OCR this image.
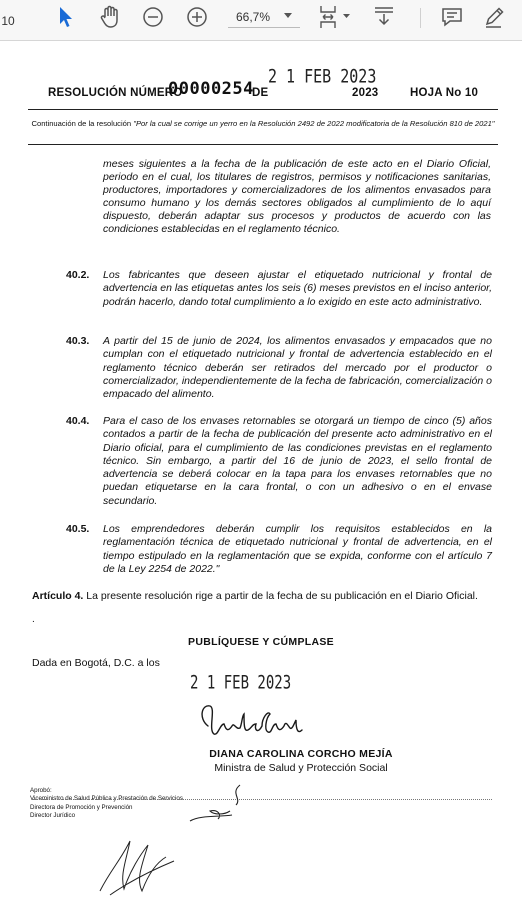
10	66,7%
RESOLUCIÓN NÚMERO
00000254
DE
2 1 FEB 2023
2023	HOJA No 10
Continuación de la resolución "Por la cual se corrige un yerro en la Resolución 2492 de 2022 modificatoria de la Resolución 810 de 2021"
meses siguientes a la fecha de la publicación de este acto en el Diario Oficial, periodo en el cual, los titulares de registros, permisos y notificaciones sanitarias, productores, importadores y comercializadores de los alimentos envasados para consumo humano y los demás sectores obligados al cumplimiento de lo aquí dispuesto, deberán adaptar sus procesos y productos de acuerdo con las condiciones establecidas en el reglamento técnico.
40.2. Los fabricantes que deseen ajustar el etiquetado nutricional y frontal de advertencia en las etiquetas antes los seis (6) meses previstos en el inciso anterior, podrán hacerlo, dando total cumplimiento a lo exigido en este acto administrativo.
40.3. A partir del 15 de junio de 2024, los alimentos envasados y empacados que no cumplan con el etiquetado nutricional y frontal de advertencia establecido en el reglamento técnico deberán ser retirados del mercado por el productor o comercializador, independientemente de la fecha de fabricación, comercialización o empacado del alimento.
40.4. Para el caso de los envases retornables se otorgará un tiempo de cinco (5) años contados a partir de la fecha de publicación del presente acto administrativo en el Diario oficial, para el cumplimiento de las condiciones previstas en el reglamento técnico. Sin embargo, a partir del 16 de junio de 2023, el sello frontal de advertencia se deberá colocar en la tapa para los envases retornables que no puedan etiquetarse en la cara frontal, o con un adhesivo o en el envase secundario.
40.5. Los emprendedores deberán cumplir los requisitos establecidos en la reglamentación técnica de etiquetado nutricional y frontal de advertencia, en el tiempo estipulado en la reglamentación que se expida, conforme con el artículo 7 de la Ley 2254 de 2022."
Artículo 4. La presente resolución rige a partir de la fecha de su publicación en el Diario Oficial.
.
PUBLÍQUESE Y CÚMPLASE
Dada en Bogotá, D.C. a los
2 1 FEB 2023
DIANA CAROLINA CORCHO MEJÍA
Ministra de Salud y Protección Social
Aprobó:
Viceministro de Salud Pública y Prestación de Servicios
Directora de Promoción y Prevención
Director Jurídico
